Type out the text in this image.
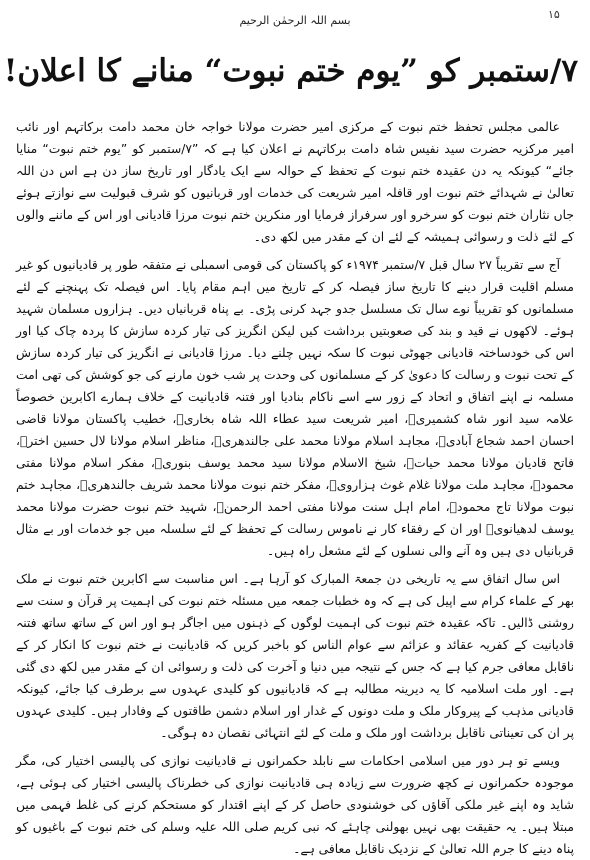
۱۵
بسم اللہ الرحمٰن الرحیم
۷/ستمبر کو ”یوم ختم نبوت“ منانے کا اعلان!

عالمی مجلس تحفظ ختم نبوت کے مرکزی امیر حضرت مولانا خواجہ خان محمد دامت برکاتہم اور نائب امیر مرکزیہ حضرت سید نفیس شاہ دامت برکاتہم نے اعلان کیا ہے کہ ”۷/ستمبر کو ”یوم ختم نبوت“ منایا جائے“ کیونکہ یہ دن عقیدہ ختم نبوت کے تحفظ کے حوالہ سے ایک یادگار اور تاریخ ساز دن ہے اس دن اللہ تعالیٰ نے شہدائے ختم نبوت اور قافلہ امیر شریعت کی خدمات اور قربانیوں کو شرف قبولیت سے نوازتے ہوئے جاں نثاران ختم نبوت کو سرخرو اور سرفراز فرمایا اور منکرین ختم نبوت مرزا قادیانی اور اس کے ماننے والوں کے لئے ذلت و رسوائی ہمیشہ کے لئے ان کے مقدر میں لکھ دی۔

آج سے تقریباً ۲۷ سال قبل ۷/ستمبر ۱۹۷۴ء کو پاکستان کی قومی اسمبلی نے متفقہ طور پر قادیانیوں کو غیر مسلم اقلیت قرار دینے کا تاریخ ساز فیصلہ کر کے تاریخ میں اہم مقام پایا۔ اس فیصلہ تک پہنچنے کے لئے مسلمانوں کو تقریباً نوے سال تک مسلسل جدو جہد کرنی پڑی۔ بے پناہ قربانیاں دیں۔ ہزاروں مسلمان شہید ہوئے۔ لاکھوں نے قید و بند کی صعوبتیں برداشت کیں لیکن انگریز کی تیار کردہ سازش کا پردہ چاک کیا اور اس کی خودساختہ قادیانی جھوٹی نبوت کا سکہ نہیں چلنے دیا۔ مرزا قادیانی نے انگریز کی تیار کردہ سازش کے تحت نبوت و رسالت کا دعویٰ کر کے مسلمانوں کی وحدت پر شب خون مارنے کی جو کوشش کی تھی امت مسلمہ نے اپنے اتفاق و اتحاد کے زور سے اسے ناکام بنادیا اور فتنہ قادیانیت کے خلاف ہمارے اکابرین خصوصاً علامہ سید انور شاہ کشمیریؒ، امیر شریعت سید عطاء اللہ شاہ بخاریؒ، خطیب پاکستان مولانا قاضی احسان احمد شجاع آبادیؒ، مجاہد اسلام مولانا محمد علی جالندھریؒ، مناظر اسلام مولانا لال حسین اخترؒ، فاتح قادیان مولانا محمد حیاتؒ، شیخ الاسلام مولانا سید محمد یوسف بنوریؒ، مفکر اسلام مولانا مفتی محمودؒ، مجاہد ملت مولانا غلام غوث ہزارویؒ، مفکر ختم نبوت مولانا محمد شریف جالندھریؒ، مجاہد ختم نبوت مولانا تاج محمودؒ، امام اہل سنت مولانا مفتی احمد الرحمنؒ، شہید ختم نبوت حضرت مولانا محمد یوسف لدھیانویؒ اور ان کے رفقاء کار نے ناموس رسالت کے تحفظ کے لئے سلسلہ میں جو خدمات اور بے مثال قربانیاں دی ہیں وہ آنے والی نسلوں کے لئے مشعل راہ ہیں۔

اس سال اتفاق سے یہ تاریخی دن جمعۃ المبارک کو آرہا ہے۔ اس مناسبت سے اکابرین ختم نبوت نے ملک بھر کے علماء کرام سے اپیل کی ہے کہ وہ خطبات جمعہ میں مسئلہ ختم نبوت کی اہمیت پر قرآن و سنت سے روشنی ڈالیں۔ تاکہ عقیدہ ختم نبوت کی اہمیت لوگوں کے ذہنوں میں اجاگر ہو اور اس کے ساتھ ساتھ فتنہ قادیانیت کے کفریہ عقائد و عزائم سے عوام الناس کو باخبر کریں کہ قادیانیت نے ختم نبوت کا انکار کر کے ناقابل معافی جرم کیا ہے کہ جس کے نتیجہ میں دنیا و آخرت کی ذلت و رسوائی ان کے مقدر میں لکھ دی گئی ہے۔ اور ملت اسلامیہ کا یہ دیرینہ مطالبہ ہے کہ قادیانیوں کو کلیدی عہدوں سے برطرف کیا جائے، کیونکہ قادیانی مذہب کے پیروکار ملک و ملت دونوں کے غدار اور اسلام دشمن طاقتوں کے وفادار ہیں۔ کلیدی عہدوں پر ان کی تعیناتی ناقابل برداشت اور ملک و ملت کے لئے انتہائی نقصان دہ ہوگی۔

ویسے تو ہر دور میں اسلامی احکامات سے نابلد حکمرانوں نے قادیانیت نوازی کی پالیسی اختیار کی، مگر موجودہ حکمرانوں نے کچھ ضرورت سے زیادہ ہی قادیانیت نوازی کی خطرناک پالیسی اختیار کی ہوئی ہے، شاید وہ اپنے غیر ملکی آقاؤں کی خوشنودی حاصل کر کے اپنے اقتدار کو مستحکم کرنے کی غلط فہمی میں مبتلا ہیں۔ یہ حقیقت بھی نہیں بھولنی چاہئے کہ نبی کریم صلی اللہ علیہ وسلم کی ختم نبوت کے باغیوں کو پناہ دینے کا جرم اللہ تعالیٰ کے نزدیک ناقابل معافی ہے۔
